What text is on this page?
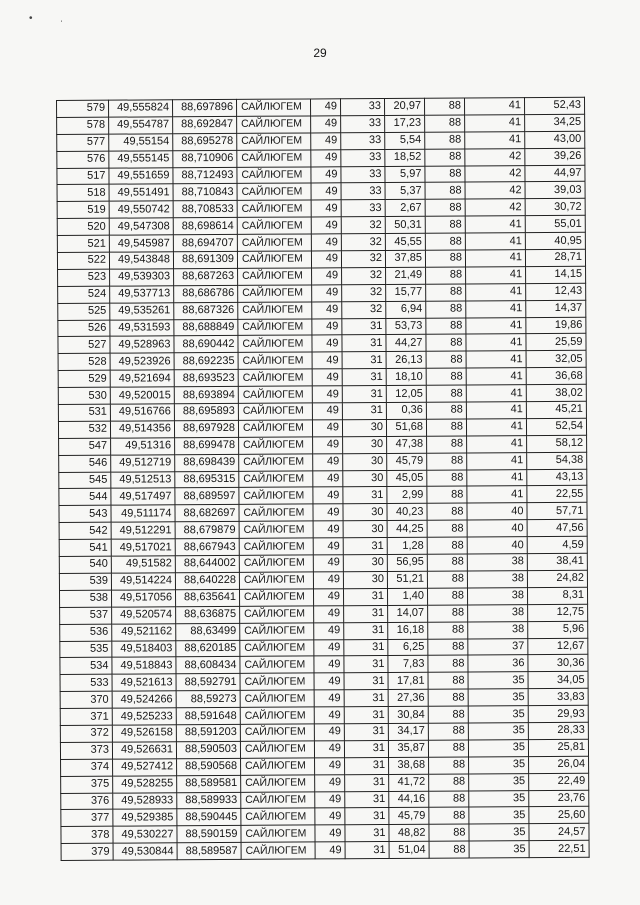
•	ˌ
29
579	49,555824	88,697896	САЙЛЮГЕМ	49	33	20,97	88	41	52,43
578	49,554787	88,692847	САЙЛЮГЕМ	49	33	17,23	88	41	34,25
577	49,55154	88,695278	САЙЛЮГЕМ	49	33	5,54	88	41	43,00
576	49,555145	88,710906	САЙЛЮГЕМ	49	33	18,52	88	42	39,26
517	49,551659	88,712493	САЙЛЮГЕМ	49	33	5,97	88	42	44,97
518	49,551491	88,710843	САЙЛЮГЕМ	49	33	5,37	88	42	39,03
519	49,550742	88,708533	САЙЛЮГЕМ	49	33	2,67	88	42	30,72
520	49,547308	88,698614	САЙЛЮГЕМ	49	32	50,31	88	41	55,01
521	49,545987	88,694707	САЙЛЮГЕМ	49	32	45,55	88	41	40,95
522	49,543848	88,691309	САЙЛЮГЕМ	49	32	37,85	88	41	28,71
523	49,539303	88,687263	САЙЛЮГЕМ	49	32	21,49	88	41	14,15
524	49,537713	88,686786	САЙЛЮГЕМ	49	32	15,77	88	41	12,43
525	49,535261	88,687326	САЙЛЮГЕМ	49	32	6,94	88	41	14,37
526	49,531593	88,688849	САЙЛЮГЕМ	49	31	53,73	88	41	19,86
527	49,528963	88,690442	САЙЛЮГЕМ	49	31	44,27	88	41	25,59
528	49,523926	88,692235	САЙЛЮГЕМ	49	31	26,13	88	41	32,05
529	49,521694	88,693523	САЙЛЮГЕМ	49	31	18,10	88	41	36,68
530	49,520015	88,693894	САЙЛЮГЕМ	49	31	12,05	88	41	38,02
531	49,516766	88,695893	САЙЛЮГЕМ	49	31	0,36	88	41	45,21
532	49,514356	88,697928	САЙЛЮГЕМ	49	30	51,68	88	41	52,54
547	49,51316	88,699478	САЙЛЮГЕМ	49	30	47,38	88	41	58,12
546	49,512719	88,698439	САЙЛЮГЕМ	49	30	45,79	88	41	54,38
545	49,512513	88,695315	САЙЛЮГЕМ	49	30	45,05	88	41	43,13
544	49,517497	88,689597	САЙЛЮГЕМ	49	31	2,99	88	41	22,55
543	49,511174	88,682697	САЙЛЮГЕМ	49	30	40,23	88	40	57,71
542	49,512291	88,679879	САЙЛЮГЕМ	49	30	44,25	88	40	47,56
541	49,517021	88,667943	САЙЛЮГЕМ	49	31	1,28	88	40	4,59
540	49,51582	88,644002	САЙЛЮГЕМ	49	30	56,95	88	38	38,41
539	49,514224	88,640228	САЙЛЮГЕМ	49	30	51,21	88	38	24,82
538	49,517056	88,635641	САЙЛЮГЕМ	49	31	1,40	88	38	8,31
537	49,520574	88,636875	САЙЛЮГЕМ	49	31	14,07	88	38	12,75
536	49,521162	88,63499	САЙЛЮГЕМ	49	31	16,18	88	38	5,96
535	49,518403	88,620185	САЙЛЮГЕМ	49	31	6,25	88	37	12,67
534	49,518843	88,608434	САЙЛЮГЕМ	49	31	7,83	88	36	30,36
533	49,521613	88,592791	САЙЛЮГЕМ	49	31	17,81	88	35	34,05
370	49,524266	88,59273	САЙЛЮГЕМ	49	31	27,36	88	35	33,83
371	49,525233	88,591648	САЙЛЮГЕМ	49	31	30,84	88	35	29,93
372	49,526158	88,591203	САЙЛЮГЕМ	49	31	34,17	88	35	28,33
373	49,526631	88,590503	САЙЛЮГЕМ	49	31	35,87	88	35	25,81
374	49,527412	88,590568	САЙЛЮГЕМ	49	31	38,68	88	35	26,04
375	49,528255	88,589581	САЙЛЮГЕМ	49	31	41,72	88	35	22,49
376	49,528933	88,589933	САЙЛЮГЕМ	49	31	44,16	88	35	23,76
377	49,529385	88,590445	САЙЛЮГЕМ	49	31	45,79	88	35	25,60
378	49,530227	88,590159	САЙЛЮГЕМ	49	31	48,82	88	35	24,57
379	49,530844	88,589587	САЙЛЮГЕМ	49	31	51,04	88	35	22,51
